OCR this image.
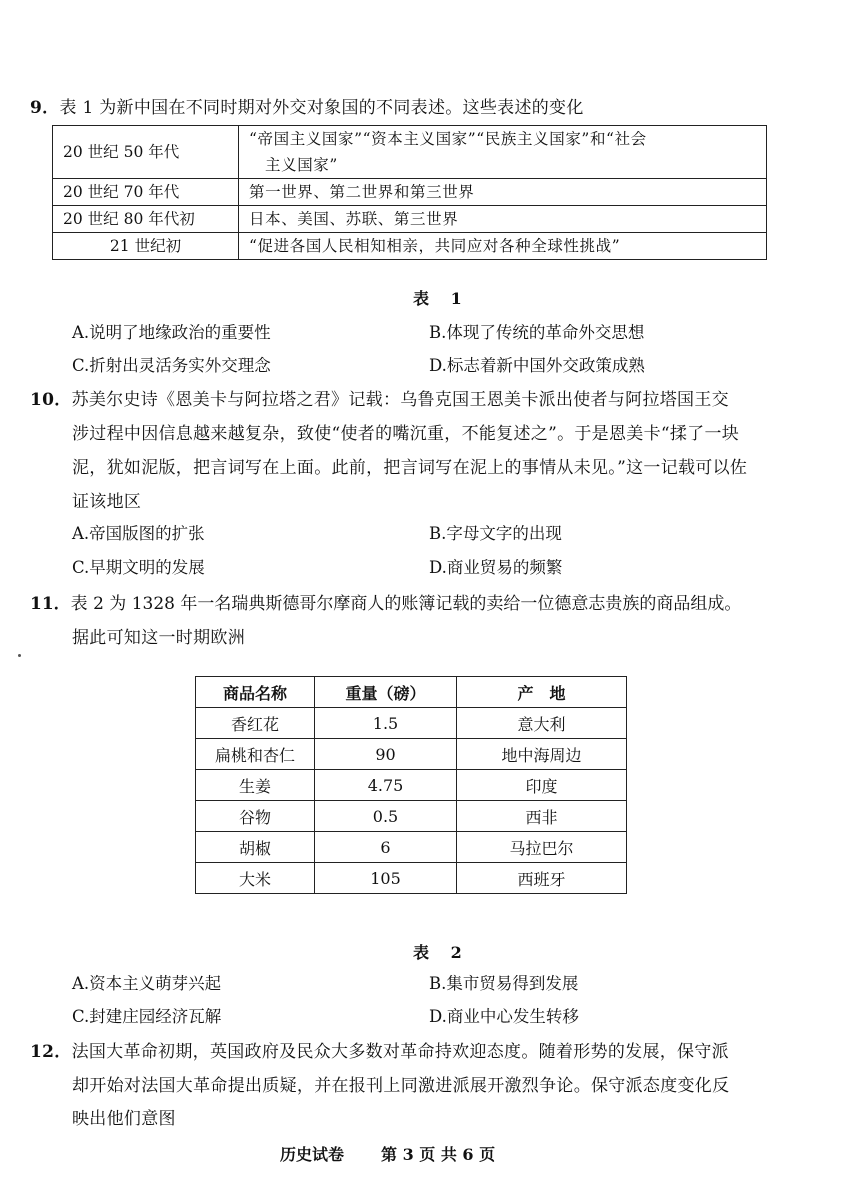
9．表 1 为新中国在不同时期对外交对象国的不同表述。这些表述的变化
20 世纪 50 年代	“帝国主义国家”“资本主义国家”“民族主义国家”和“社会
主义国家”

20 世纪 70 年代	第一世界、第二世界和第三世界
20 世纪 80 年代初	日本、美国、苏联、第三世界
21 世纪初	“促进各国人民相知相亲，共同应对各种全球性挑战”
表 1
A.说明了地缘政治的重要性	B.体现了传统的革命外交思想
C.折射出灵活务实外交理念	D.标志着新中国外交政策成熟
10．苏美尔史诗《恩美卡与阿拉塔之君》记载：乌鲁克国王恩美卡派出使者与阿拉塔国王交
涉过程中因信息越来越复杂，致使“使者的嘴沉重，不能复述之”。于是恩美卡“揉了一块
泥，犹如泥版，把言词写在上面。此前，把言词写在泥上的事情从未见。”这一记载可以佐
证该地区
A.帝国版图的扩张	B.字母文字的出现
C.早期文明的发展	D.商业贸易的频繁
11．表 2 为 1328 年一名瑞典斯德哥尔摩商人的账簿记载的卖给一位德意志贵族的商品组成。
据此可知这一时期欧洲
商品名称	重量（磅）	产　地
香红花	1.5	意大利
扁桃和杏仁	90	地中海周边
生姜	4.75	印度
谷物	0.5	西非
胡椒	6	马拉巴尔
大米	105	西班牙
表 2
A.资本主义萌芽兴起	B.集市贸易得到发展
C.封建庄园经济瓦解	D.商业中心发生转移
12．法国大革命初期，英国政府及民众大多数对革命持欢迎态度。随着形势的发展，保守派
却开始对法国大革命提出质疑，并在报刊上同激进派展开激烈争论。保守派态度变化反
映出他们意图
历史试卷 第 3 页 共 6 页
